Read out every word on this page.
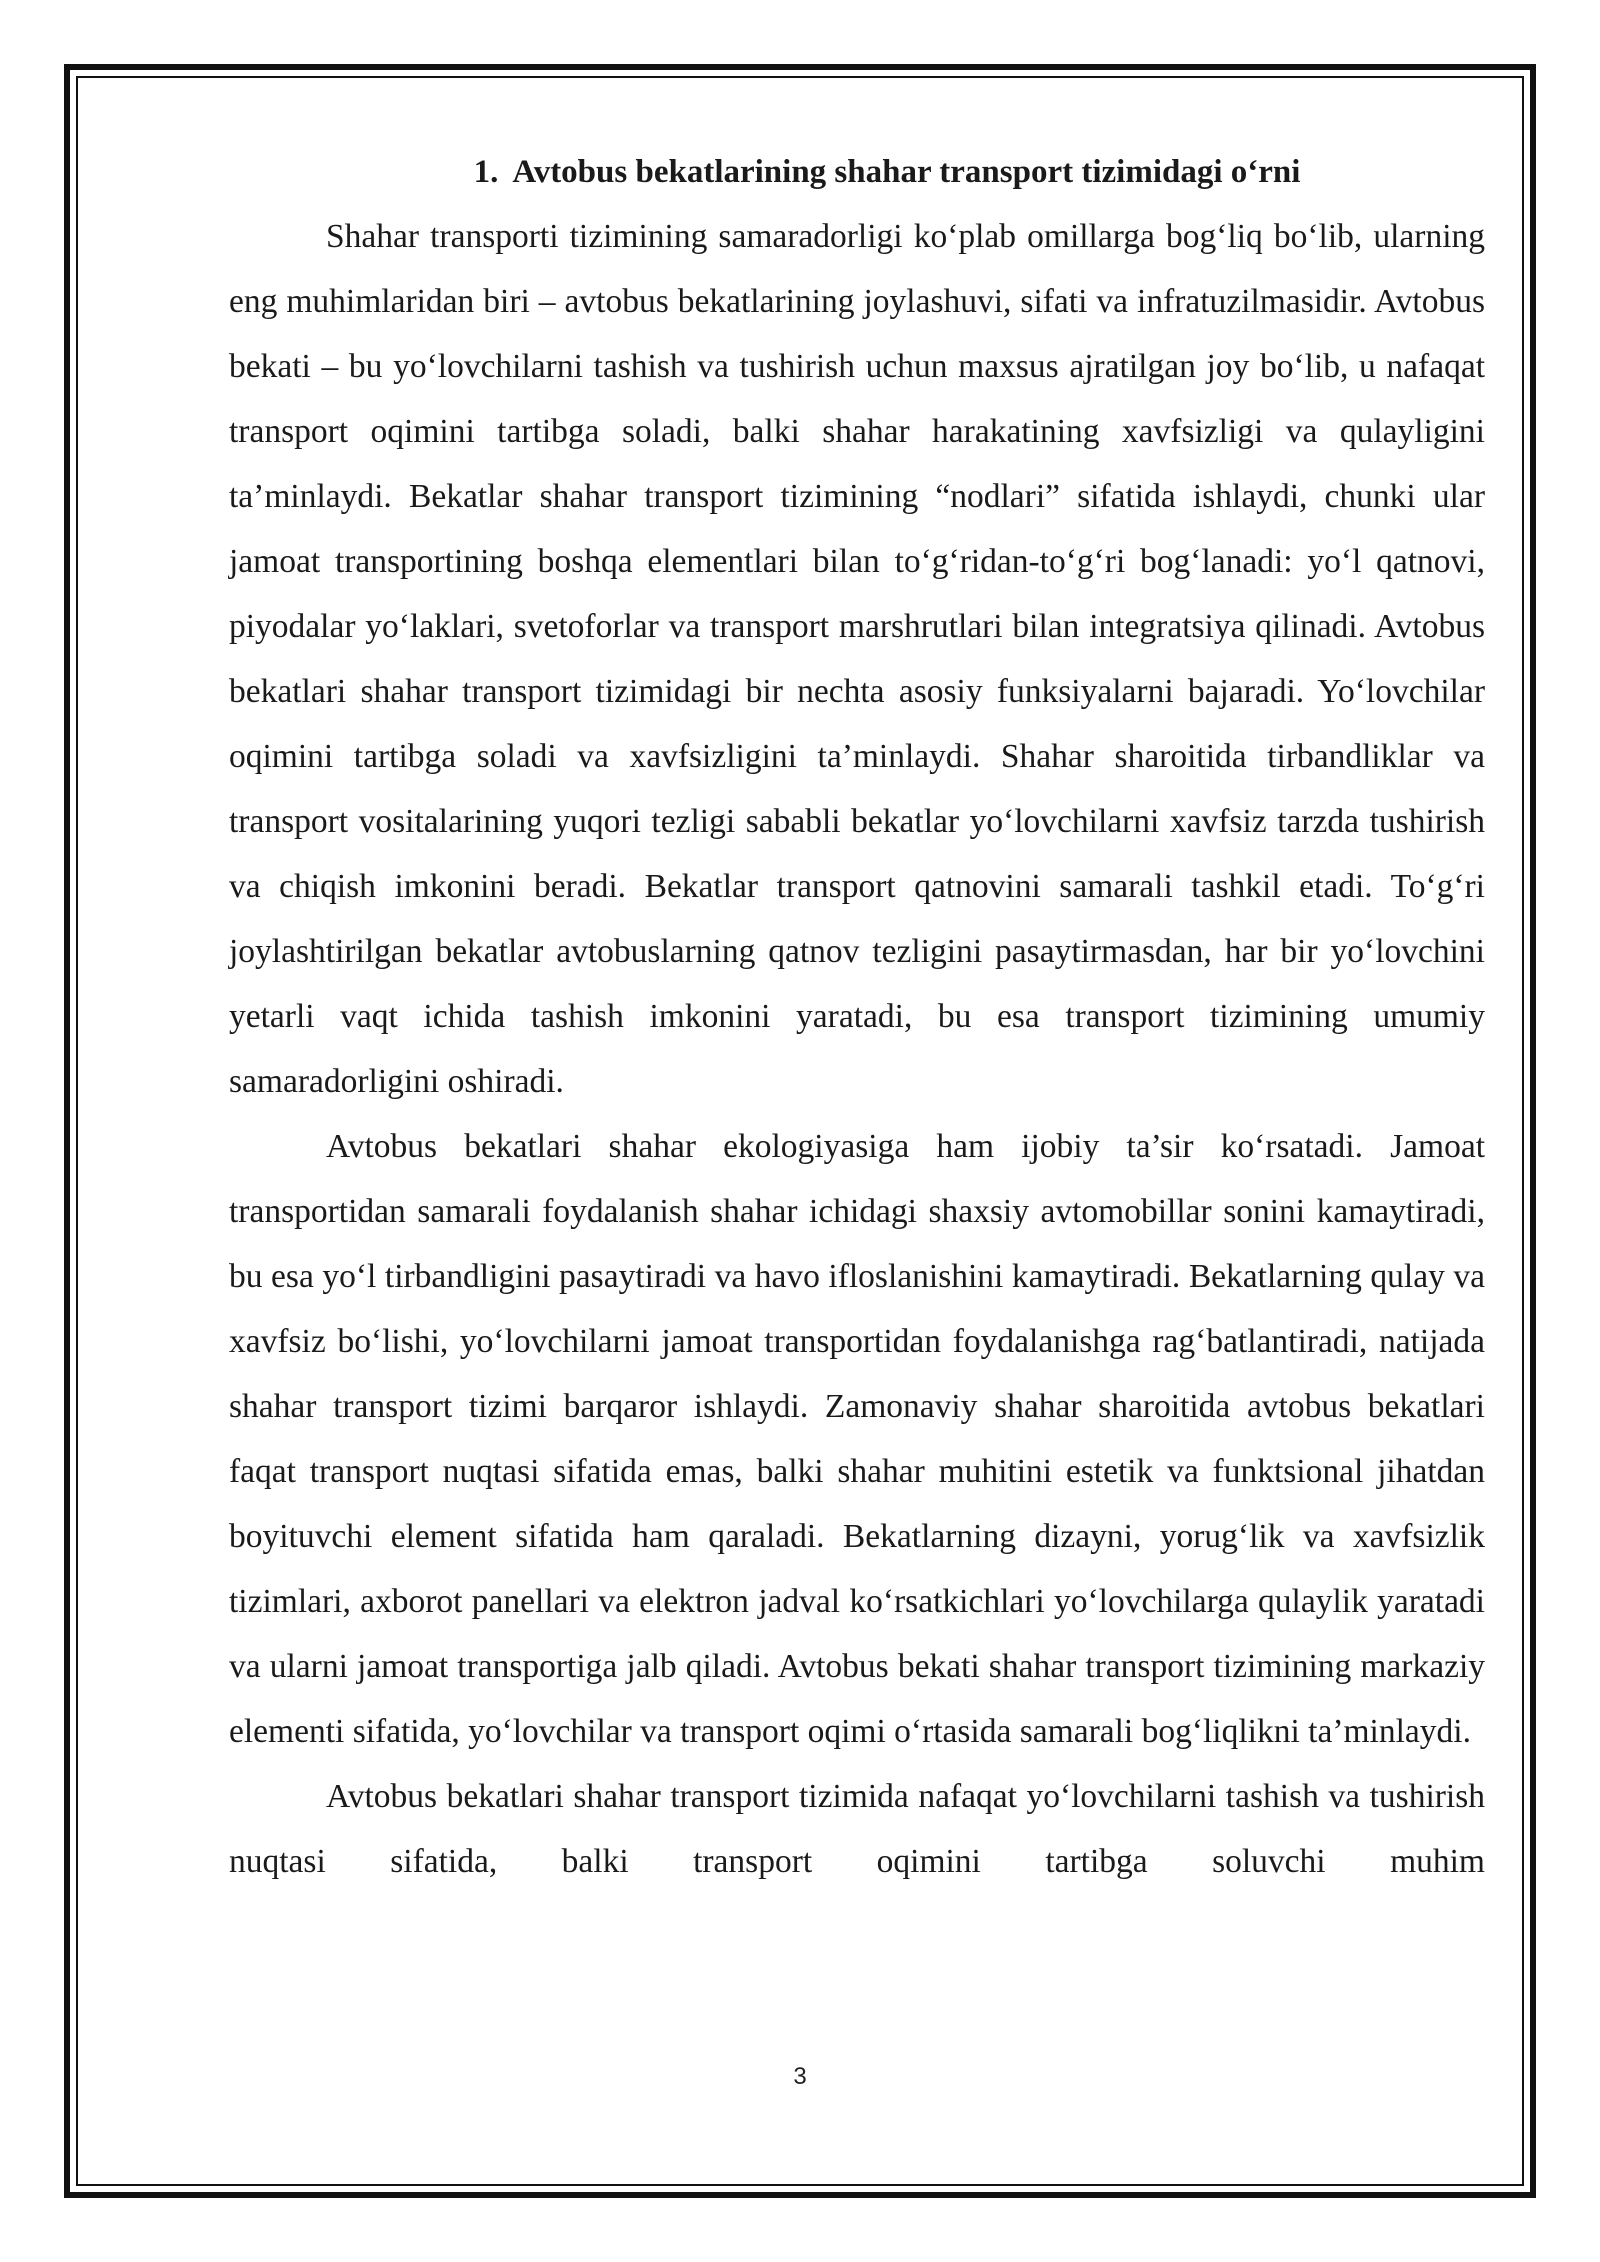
1. Avtobus bekatlarining shahar transport tizimidagi o‘rni

Shahar transporti tizimining samaradorligi ko‘plab omillarga bog‘liq bo‘lib, ularning eng muhimlaridan biri – avtobus bekatlarining joylashuvi, sifati va infratuzilmasidir. Avtobus bekati – bu yo‘lovchilarni tashish va tushirish uchun maxsus ajratilgan joy bo‘lib, u nafaqat transport oqimini tartibga soladi, balki shahar harakatining xavfsizligi va qulayligini ta’minlaydi. Bekatlar shahar transport tizimining “nodlari” sifatida ishlaydi, chunki ular jamoat transportining boshqa elementlari bilan to‘g‘ridan-to‘g‘ri bog‘lanadi: yo‘l qatnovi, piyodalar yo‘laklari, svetoforlar va transport marshrutlari bilan integratsiya qilinadi. Avtobus bekatlari shahar transport tizimidagi bir nechta asosiy funksiyalarni bajaradi. Yo‘lovchilar oqimini tartibga soladi va xavfsizligini ta’minlaydi. Shahar sharoitida tirbandliklar va transport vositalarining yuqori tezligi sababli bekatlar yo‘lovchilarni xavfsiz tarzda tushirish va chiqish imkonini beradi. Bekatlar transport qatnovini samarali tashkil etadi. To‘g‘ri joylashtirilgan bekatlar avtobuslarning qatnov tezligini pasaytirmasdan, har bir yo‘lovchini yetarli vaqt ichida tashish imkonini yaratadi, bu esa transport tizimining umumiy samaradorligini oshiradi.

Avtobus bekatlari shahar ekologiyasiga ham ijobiy ta’sir ko‘rsatadi. Jamoat transportidan samarali foydalanish shahar ichidagi shaxsiy avtomobillar sonini kamaytiradi, bu esa yo‘l tirbandligini pasaytiradi va havo ifloslanishini kamaytiradi. Bekatlarning qulay va xavfsiz bo‘lishi, yo‘lovchilarni jamoat transportidan foydalanishga rag‘batlantiradi, natijada shahar transport tizimi barqaror ishlaydi. Zamonaviy shahar sharoitida avtobus bekatlari faqat transport nuqtasi sifatida emas, balki shahar muhitini estetik va funktsional jihatdan boyituvchi element sifatida ham qaraladi. Bekatlarning dizayni, yorug‘lik va xavfsizlik tizimlari, axborot panellari va elektron jadval ko‘rsatkichlari yo‘lovchilarga qulaylik yaratadi va ularni jamoat transportiga jalb qiladi. Avtobus bekati shahar transport tizimining markaziy elementi sifatida, yo‘lovchilar va transport oqimi o‘rtasida samarali bog‘liqlikni ta’minlaydi.

Avtobus bekatlari shahar transport tizimida nafaqat yo‘lovchilarni tashish va tushirish nuqtasi sifatida, balki transport oqimini tartibga soluvchi muhim

3
